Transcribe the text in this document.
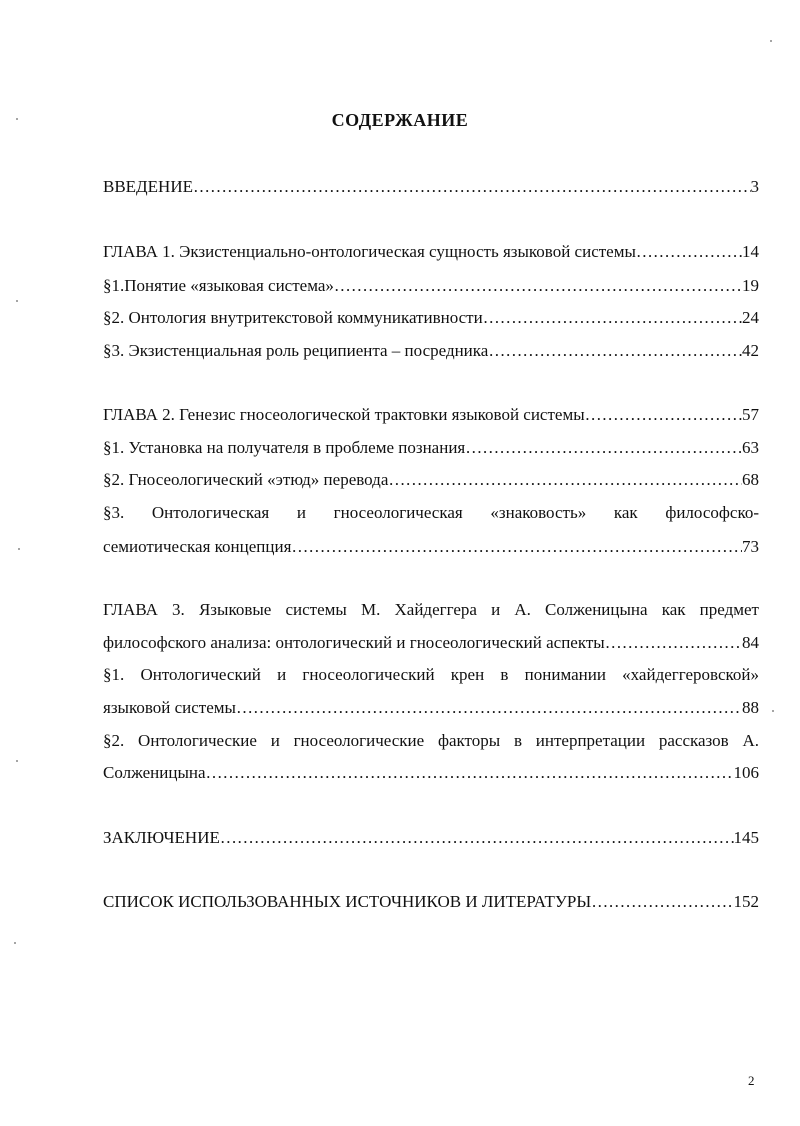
СОДЕРЖАНИЕ
ВВЕДЕНИЕ ……………………………………………………………………………………………………………………………………………………	3
ГЛАВА 1. Экзистенциально-онтологическая сущность языковой системы ……………………………………………………………………………………………………………………………………………………	14
§1.Понятие «языковая система» ……………………………………………………………………………………………………………………………………………………	19
§2. Онтология внутритекстовой коммуникативности ……………………………………………………………………………………………………………………………………………………	24
§3. Экзистенциальная роль реципиента – посредника ……………………………………………………………………………………………………………………………………………………	42
ГЛАВА 2. Генезис гносеологической трактовки языковой системы ……………………………………………………………………………………………………………………………………………………	57
§1. Установка на получателя в проблеме познания ……………………………………………………………………………………………………………………………………………………	63
§2. Гносеологический «этюд» перевода ……………………………………………………………………………………………………………………………………………………	68
§3. Онтологическая и гносеологическая «знаковость» как философско-
семиотическая концепция ……………………………………………………………………………………………………………………………………………………	73
ГЛАВА 3. Языковые системы М. Хайдеггера и А. Солженицына как предмет
философского анализа: онтологический и гносеологический аспекты ……………………………………………………………………………………………………………………………………………………	84
§1. Онтологический и гносеологический крен в понимании «хайдеггеровской»
языковой системы ……………………………………………………………………………………………………………………………………………………	88
§2. Онтологические и гносеологические факторы в интерпретации рассказов А.
Солженицына ……………………………………………………………………………………………………………………………………………………	106
ЗАКЛЮЧЕНИЕ ……………………………………………………………………………………………………………………………………………………	145
СПИСОК ИСПОЛЬЗОВАННЫХ ИСТОЧНИКОВ И ЛИТЕРАТУРЫ ……………………………………………………………………………………………………………………………………………………	152
2
